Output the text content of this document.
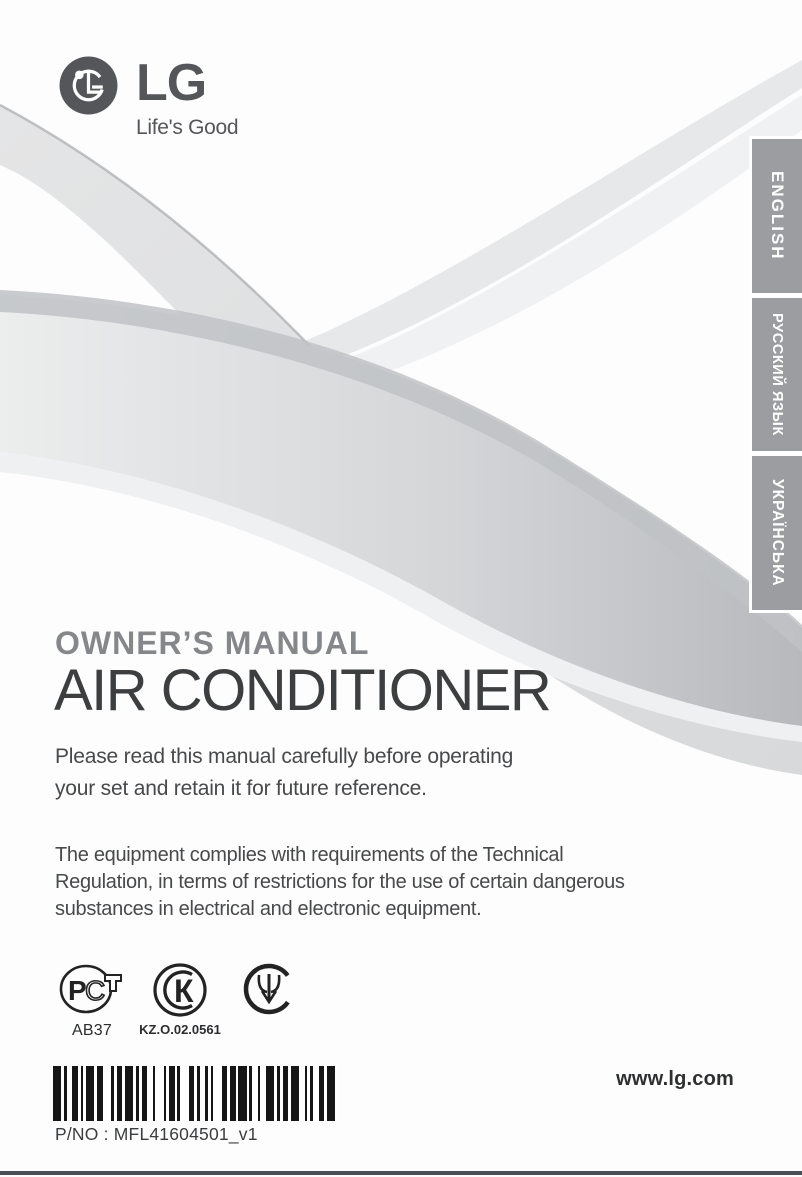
LG
Life's Good
ENGLISH
РУССКИЙ ЯЗЫК
УКРАЇНСЬКА
OWNER’S MANUAL
AIR CONDITIONER

Please read this manual carefully before operating
your set and retain it for future reference.

The equipment complies with requirements of the Technical
Regulation, in terms of restrictions for the use of certain dangerous
substances in electrical and electronic equipment.

Р
С
AB37
К
KZ.O.02.0561
P/NO : MFL41604501_v1
www.lg.com
